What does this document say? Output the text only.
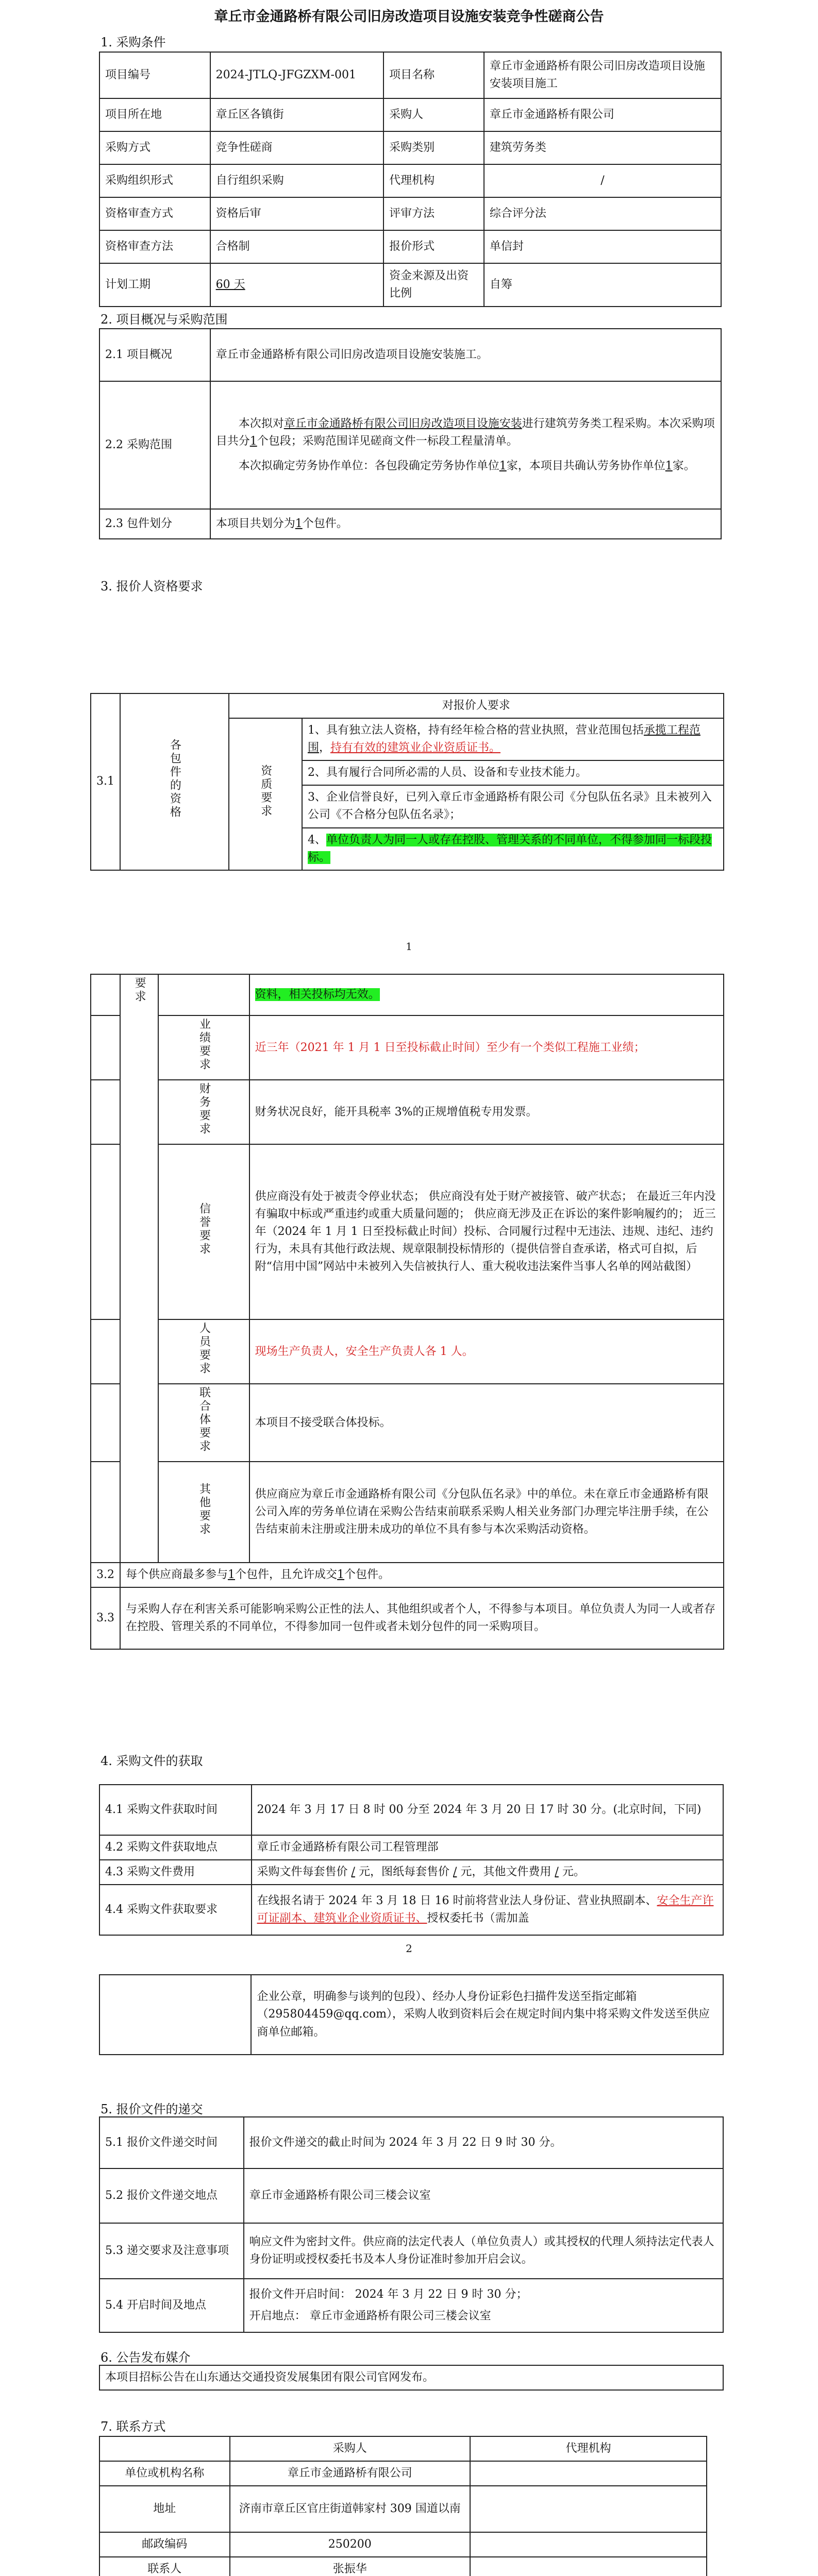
章丘市金通路桥有限公司旧房改造项目设施安装竞争性磋商公告
1. 采购条件
项目编号	2024-JTLQ-JFGZXM-001	项目名称	章丘市金通路桥有限公司旧房改造项目设施安装项目施工
项目所在地	章丘区各镇街	采购人	章丘市金通路桥有限公司
采购方式	竞争性磋商	采购类别	建筑劳务类
采购组织形式	自行组织采购	代理机构	/
资格审查方式	资格后审	评审方法	综合评分法
资格审查方法	合格制	报价形式	单信封
计划工期	60 天	资金来源及出资比例	自筹
2. 项目概况与采购范围
2.1 项目概况	章丘市金通路桥有限公司旧房改造项目设施安装施工。
2.2 采购范围	本次拟对章丘市金通路桥有限公司旧房改造项目设施安装进行建筑劳务类工程采购。本次采购项目共分1个包段；采购范围详见磋商文件一标段工程量清单。
本次拟确定劳务协作单位：各包段确定劳务协作单位1家，本项目共确认劳务协作单位1家。

2.3 包件划分	本项目共划分为1个包件。
3. 报价人资格要求
3.1	各包件的资格	对报价人要求	
		资质要求	1、具有独立法人资格，持有经年检合格的营业执照，营业范围包括承揽工程范围，持有有效的建筑业企业资质证书。
			2、具有履行合同所必需的人员、设备和专业技术能力。
			3、企业信誉良好，已列入章丘市金通路桥有限公司《分包队伍名录》且未被列入公司《不合格分包队伍名录》；
			4、单位负责人为同一人或存在控股、管理关系的不同单位，不得参加同一标段投标。
1
	要求		资料，相关投标均无效。
		业绩要求	近三年（2021 年 1 月 1 日至投标截止时间）至少有一个类似工程施工业绩；
		财务要求	财务状况良好，能开具税率 3%的正规增值税专用发票。
		信誉要求	供应商没有处于被责令停业状态； 供应商没有处于财产被接管、破产状态； 在最近三年内没有骗取中标或严重违约或重大质量问题的； 供应商无涉及正在诉讼的案件影响履约的； 近三年（2024 年 1 月 1 日至投标截止时间）投标、合同履行过程中无违法、违规、违纪、违约行为，未具有其他行政法规、规章限制投标情形的（提供信誉自查承诺，格式可自拟，后附“信用中国”网站中未被列入失信被执行人、重大税收违法案件当事人名单的网站截图）
		人员要求	现场生产负责人，安全生产负责人各 1 人。
		联合体要求	本项目不接受联合体投标。
		其他要求	供应商应为章丘市金通路桥有限公司《分包队伍名录》中的单位。未在章丘市金通路桥有限公司入库的劳务单位请在采购公告结束前联系采购人相关业务部门办理完毕注册手续，在公告结束前未注册或注册未成功的单位不具有参与本次采购活动资格。
3.2	每个供应商最多参与1个包件，且允许成交1个包件。		
3.3	与采购人存在利害关系可能影响采购公正性的法人、其他组织或者个人，不得参与本项目。单位负责人为同一人或者存在控股、管理关系的不同单位，不得参加同一包件或者未划分包件的同一采购项目。		
4. 采购文件的获取
4.1 采购文件获取时间	2024 年 3 月 17 日 8 时 00 分至 2024 年 3 月 20 日 17 时 30 分。(北京时间，下同)
4.2 采购文件获取地点	章丘市金通路桥有限公司工程管理部
4.3 采购文件费用	采购文件每套售价 / 元，图纸每套售价 / 元，其他文件费用 / 元。
4.4 采购文件获取要求	在线报名请于 2024 年 3 月 18 日 16 时前将营业法人身份证、营业执照副本、安全生产许可证副本、建筑业企业资质证书、授权委托书（需加盖
2
	企业公章，明确参与谈判的包段）、经办人身份证彩色扫描件发送至指定邮箱（295804459@qq.com），采购人收到资料后会在规定时间内集中将采购文件发送至供应商单位邮箱。
5. 报价文件的递交
5.1 报价文件递交时间	报价文件递交的截止时间为 2024 年 3 月 22 日 9 时 30 分。
5.2 报价文件递交地点	章丘市金通路桥有限公司三楼会议室
5.3 递交要求及注意事项	响应文件为密封文件。供应商的法定代表人（单位负责人）或其授权的代理人须持法定代表人身份证明或授权委托书及本人身份证准时参加开启会议。
5.4 开启时间及地点	报价文件开启时间： 2024 年 3 月 22 日 9 时 30 分；
开启地点： 章丘市金通路桥有限公司三楼会议室
6. 公告发布媒介
本项目招标公告在山东通达交通投资发展集团有限公司官网发布。
7. 联系方式
	采购人	代理机构
单位或机构名称	章丘市金通路桥有限公司	
地址	济南市章丘区官庄街道韩家村 309 国道以南	
邮政编码	250200	
联系人	张振华	
